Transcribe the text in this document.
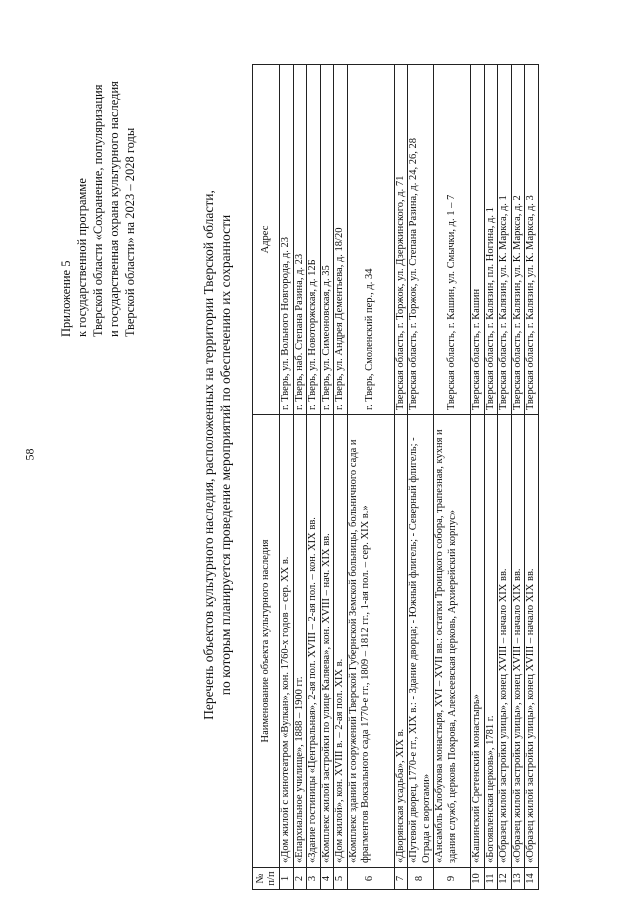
58
Приложение 5 к государственной программе Тверской области «Сохранение, популяризация и государственная охрана культурного наследия Тверской области» на 2023 – 2028 годы	Перечень объектов культурного наследия, расположенных на территории Тверской области, по которым планируется проведение мероприятий по обеспечению их сохранности
№
п/п	Наименование объекта культурного наследия	Адрес
1	«Дом жилой с кинотеатром «Вулкан», кон. 1760-х годов – сер. XX в.	г. Тверь, ул. Вольного Новгорода, д. 23
2	«Епархиальное училище», 1888 – 1900 гг.	г. Тверь, наб. Степана Разина, д. 23
3	«Здание гостиницы «Центральная», 2-ая пол. XVIII – 2-ая пол. – кон. XIX вв.	г. Тверь, ул. Новоторжская, д. 12Б
4	«Комплекс жилой застройки по улице Каляева», кон. XVIII – нач. XIX вв.	г. Тверь, ул. Симеоновская, д. 35
5	«Дом жилой», кон. XVIII в. – 2-ая пол. XIX в.	г. Тверь, ул. Андрея Дементьева, д. 18/20
6	«Комплекс зданий и сооружений Тверской Губернской Земской больницы, больничного сада и фрагментов Вокзального сада 1770-е гг., 1809 – 1812 гг., 1-ая пол. – сер. XIX в.»	г. Тверь, Смоленский пер., д. 34
7	«Дворянская усадьба», XIX в.	Тверская область, г. Торжок, ул. Дзержинского, д. 71
8	«Путевой дворец, 1770-е гг., XIX в.: - Здание дворца; - Южный флигель; - Северный флигель; - Ограда с воротами»	Тверская область, г. Торжок, ул. Степана Разина, д. 24, 26, 28
9	«Ансамбль Клобукова монастыря, XVI – XVII вв.: остатки Троицкого собора, трапезная, кухня и здания служб, церковь Покрова, Алексеевская церковь, Архиерейский корпус»	Тверская область, г. Кашин, ул. Смычки, д. 1 – 7
10	«Кашинский Сретенский монастырь»	Тверская область, г. Кашин
11	«Богоявленская церковь», 1781 г.	Тверская область, г. Калязин, пл. Ногина, д. 1
12	«Образец жилой застройки улицы», конец XVIII – начало XIX вв.	Тверская область, г. Калязин, ул. К. Маркса, д. 1
13	«Образец жилой застройки улицы», конец XVIII – начало XIX вв.	Тверская область, г. Калязин, ул. К. Маркса, д. 2
14	«Образец жилой застройки улицы», конец XVIII – начало XIX вв.	Тверская область, г. Калязин, ул. К. Маркса, д. 3
